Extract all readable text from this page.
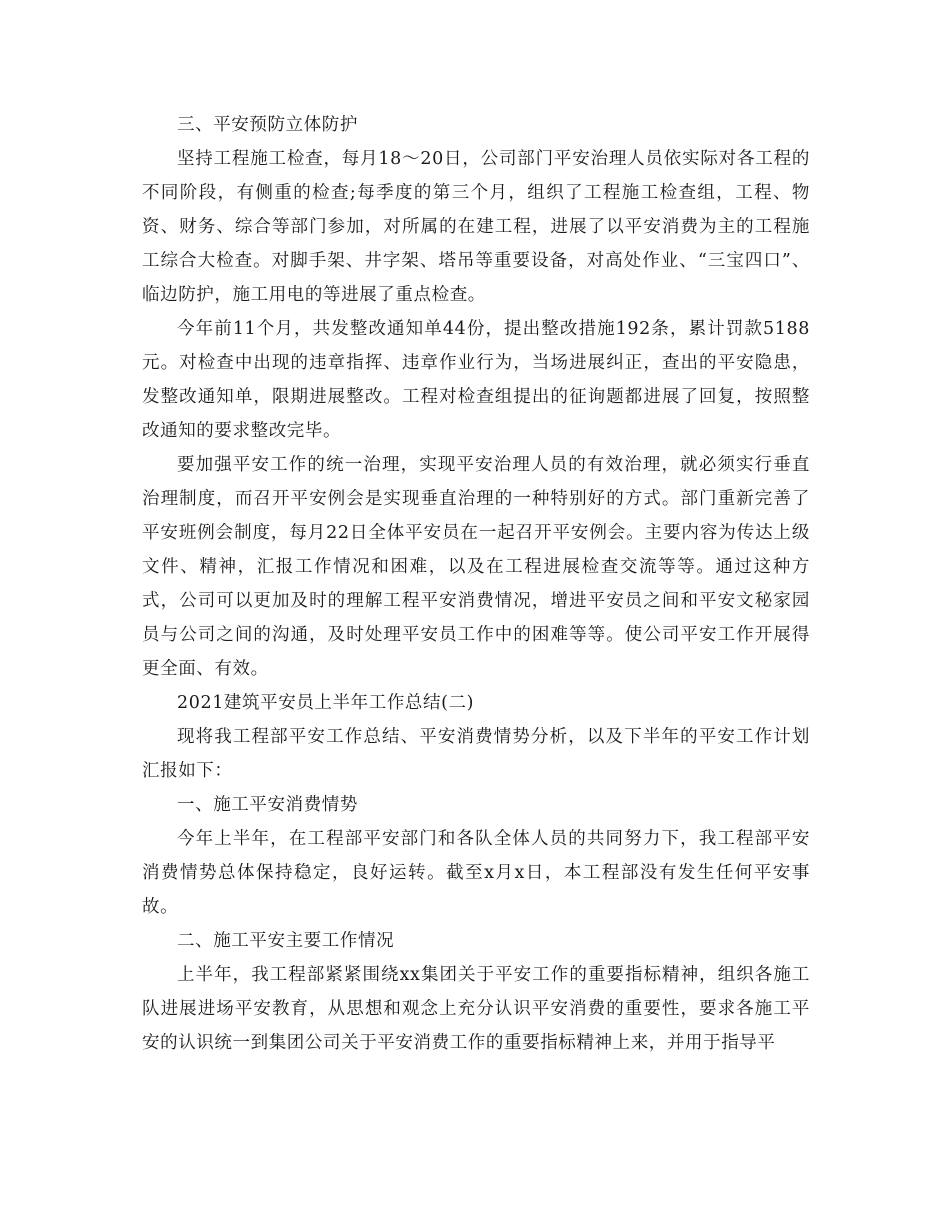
三、平安预防立体防护

坚持工程施工检查，每月18～20日，公司部门平安治理人员依实际对各工程的不同阶段，有侧重的检查;每季度的第三个月，组织了工程施工检查组，工程、物资、财务、综合等部门参加，对所属的在建工程，进展了以平安消费为主的工程施工综合大检查。对脚手架、井字架、塔吊等重要设备，对高处作业、“三宝四口”、临边防护，施工用电的等进展了重点检查。

今年前11个月，共发整改通知单44份，提出整改措施192条，累计罚款5188元。对检查中出现的违章指挥、违章作业行为，当场进展纠正，查出的平安隐患，发整改通知单，限期进展整改。工程对检查组提出的征询题都进展了回复，按照整改通知的要求整改完毕。

要加强平安工作的统一治理，实现平安治理人员的有效治理，就必须实行垂直治理制度，而召开平安例会是实现垂直治理的一种特别好的方式。部门重新完善了平安班例会制度，每月22日全体平安员在一起召开平安例会。主要内容为传达上级文件、精神，汇报工作情况和困难，以及在工程进展检查交流等等。通过这种方式，公司可以更加及时的理解工程平安消费情况，增进平安员之间和平安文秘家园员与公司之间的沟通，及时处理平安员工作中的困难等等。使公司平安工作开展得更全面、有效。

2021建筑平安员上半年工作总结(二)

现将我工程部平安工作总结、平安消费情势分析，以及下半年的平安工作计划汇报如下：

一、施工平安消费情势

今年上半年，在工程部平安部门和各队全体人员的共同努力下，我工程部平安消费情势总体保持稳定，良好运转。截至x月x日，本工程部没有发生任何平安事故。

二、施工平安主要工作情况

上半年，我工程部紧紧围绕xx集团关于平安工作的重要指标精神，组织各施工队进展进场平安教育，从思想和观念上充分认识平安消费的重要性，要求各施工平安的认识统一到集团公司关于平安消费工作的重要指标精神上来，并用于指导平
